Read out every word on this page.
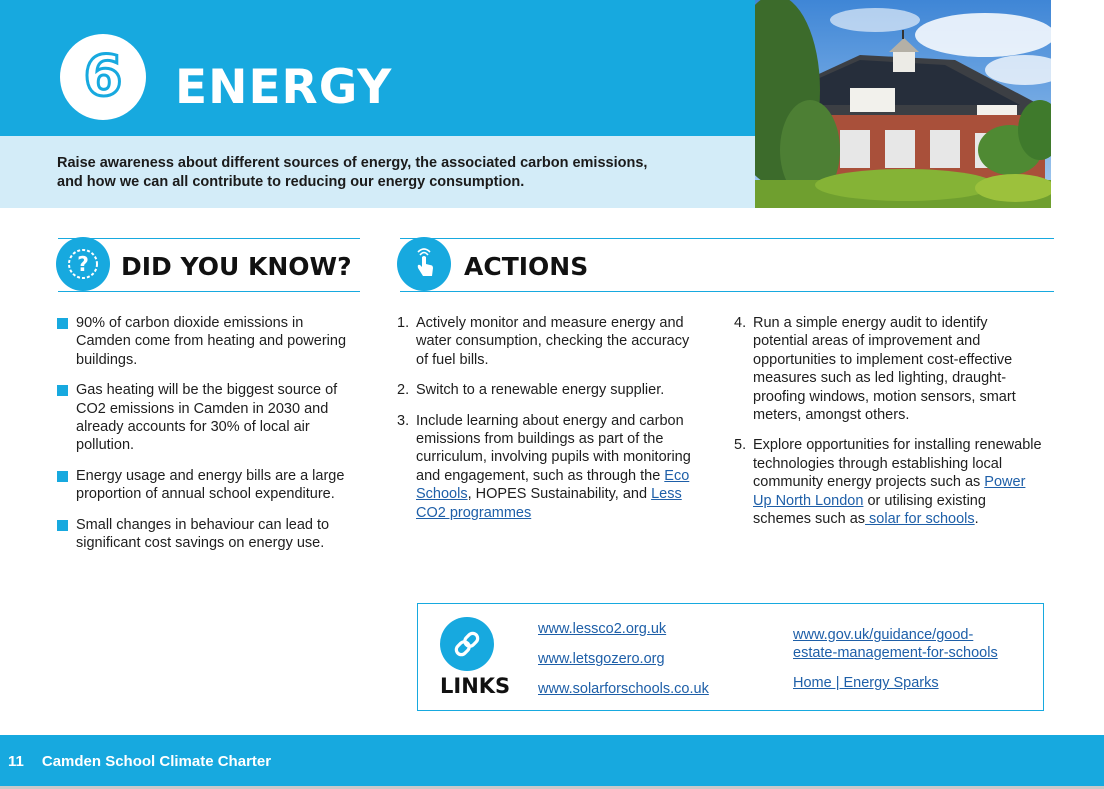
6 ENERGY
Raise awareness about different sources of energy, the associated carbon emissions,
and how we can all contribute to reducing our energy consumption.
? DID YOU KNOW?
90% of carbon dioxide emissions in Camden come from heating and powering buildings.
Gas heating will be the biggest source of CO2 emissions in Camden in 2030 and already accounts for 30% of local air pollution.
Energy usage and energy bills are a large proportion of annual school expenditure.
Small changes in behaviour can lead to significant cost savings on energy use.
ACTIONS
1. Actively monitor and measure energy and water consumption, checking the accuracy of fuel bills.
2. Switch to a renewable energy supplier.
3. Include learning about energy and carbon emissions from buildings as part of the curriculum, involving pupils with monitoring and engagement, such as through the Eco Schools, HOPES Sustainability, and Less CO2 programmes
4. Run a simple energy audit to identify potential areas of improvement and opportunities to implement cost-effective measures such as led lighting, draught-proofing windows, motion sensors, smart meters, amongst others.
5. Explore opportunities for installing renewable technologies through establishing local community energy projects such as Power Up North London or utilising existing schemes such as solar for schools.
LINKS
www.lessco2.org.uk
www.letsgozero.org
www.solarforschools.co.uk
www.gov.uk/guidance/good-
estate-management-for-schools
Home | Energy Sparks
11 Camden School Climate Charter
